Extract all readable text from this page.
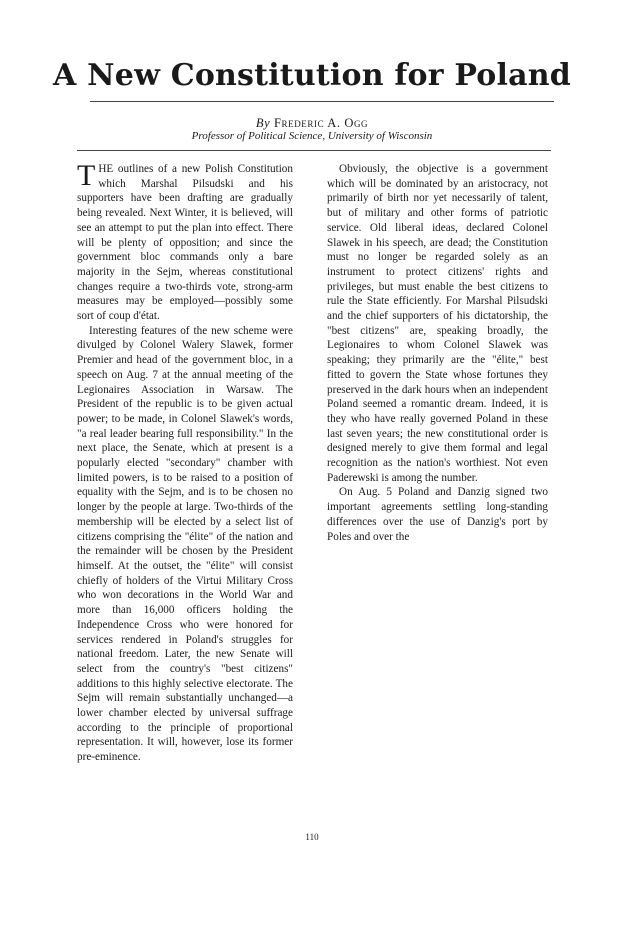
A New Constitution for Poland
By Frederic A. Ogg
Professor of Political Science, University of Wisconsin

THE outlines of a new Polish Constitution which Marshal Pilsudski and his supporters have been drafting are gradually being revealed. Next Winter, it is believed, will see an attempt to put the plan into effect. There will be plenty of opposition; and since the government bloc commands only a bare majority in the Sejm, whereas constitutional changes require a two-thirds vote, strong-arm measures may be employed—possibly some sort of coup d'état.

Interesting features of the new scheme were divulged by Colonel Walery Slawek, former Premier and head of the government bloc, in a speech on Aug. 7 at the annual meeting of the Legionaires Association in Warsaw. The President of the republic is to be given actual power; to be made, in Colonel Slawek's words, "a real leader bearing full responsibility." In the next place, the Senate, which at present is a popularly elected "secondary" chamber with limited powers, is to be raised to a position of equality with the Sejm, and is to be chosen no longer by the people at large. Two-thirds of the membership will be elected by a select list of citizens comprising the "élite" of the nation and the remainder will be chosen by the President himself. At the outset, the "élite" will consist chiefly of holders of the Virtui Military Cross who won decorations in the World War and more than 16,000 officers holding the Independence Cross who were honored for services rendered in Poland's struggles for national freedom. Later, the new Senate will select from the country's "best citizens" additions to this highly selective electorate. The Sejm will remain substantially unchanged—a lower chamber elected by universal suffrage according to the principle of proportional representation. It will, however, lose its former pre-eminence.

Obviously, the objective is a government which will be dominated by an aristocracy, not primarily of birth nor yet necessarily of talent, but of military and other forms of patriotic service. Old liberal ideas, declared Colonel Slawek in his speech, are dead; the Constitution must no longer be regarded solely as an instrument to protect citizens' rights and privileges, but must enable the best citizens to rule the State efficiently. For Marshal Pilsudski and the chief supporters of his dictatorship, the "best citizens" are, speaking broadly, the Legionaires to whom Colonel Slawek was speaking; they primarily are the "élite," best fitted to govern the State whose fortunes they preserved in the dark hours when an independent Poland seemed a romantic dream. Indeed, it is they who have really governed Poland in these last seven years; the new constitutional order is designed merely to give them formal and legal recognition as the nation's worthiest. Not even Paderewski is among the number.

On Aug. 5 Poland and Danzig signed two important agreements settling long-standing differences over the use of Danzig's port by Poles and over the

110
